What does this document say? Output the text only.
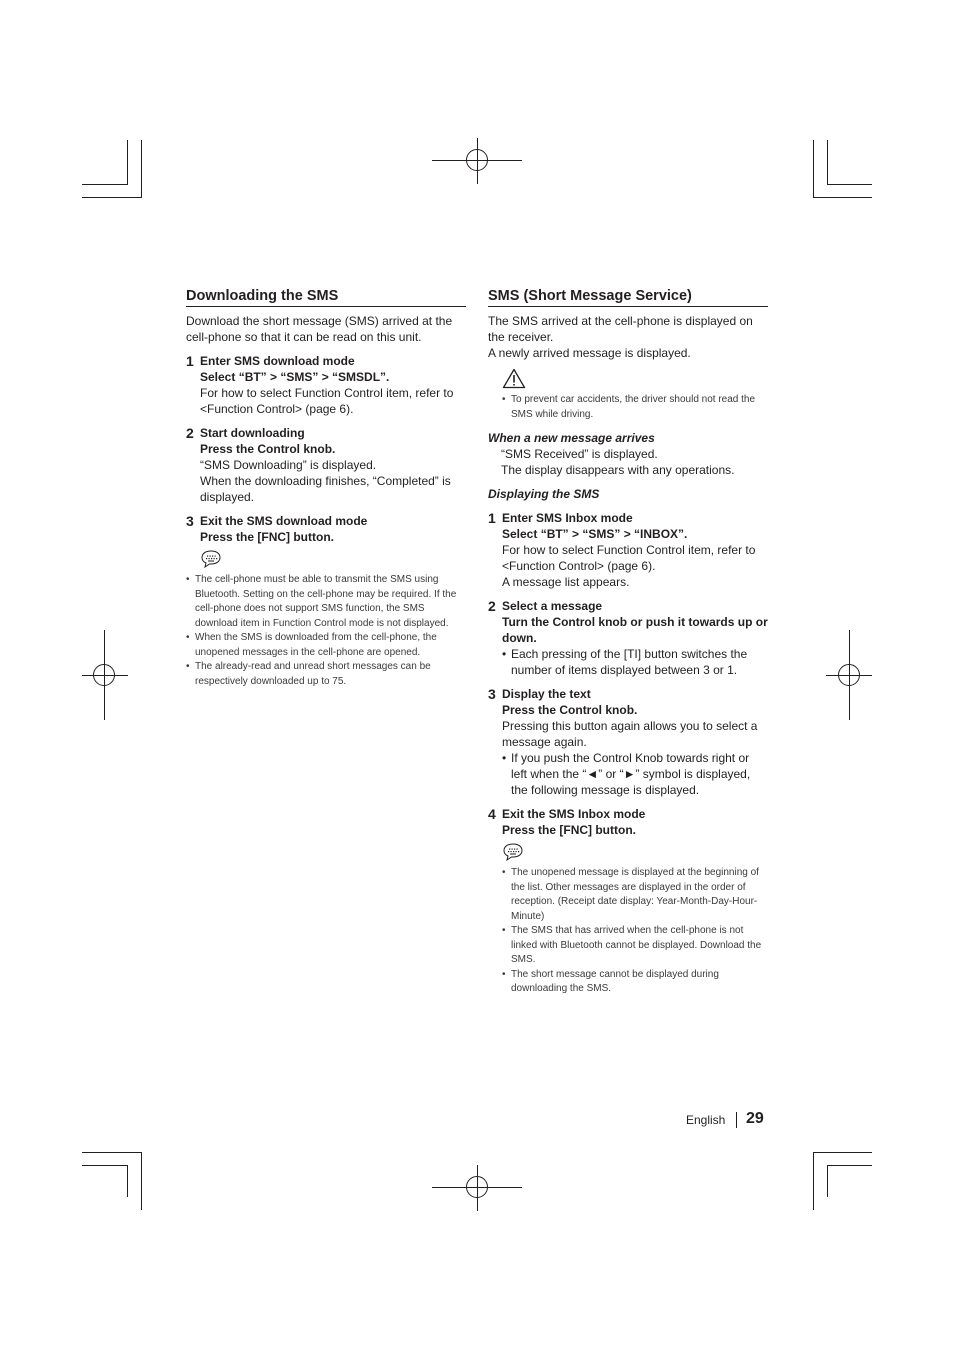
Downloading the SMS

Download the short message (SMS) arrived at the cell-phone so that it can be read on this unit.

1 Enter SMS download mode
Select “BT” > “SMS” > “SMSDL”.
For how to select Function Control item, refer to <Function Control> (page 6).
2 Start downloading
Press the Control knob.
“SMS Downloading” is displayed.
When the downloading finishes, “Completed” is displayed.
3 Exit the SMS download mode
Press the [FNC] button.
• The cell-phone must be able to transmit the SMS using Bluetooth. Setting on the cell-phone may be required. If the cell-phone does not support SMS function, the SMS download item in Function Control mode is not displayed.
• When the SMS is downloaded from the cell-phone, the unopened messages in the cell-phone are opened.
• The already-read and unread short messages can be respectively downloaded up to 75.
SMS (Short Message Service)

The SMS arrived at the cell-phone is displayed on the receiver.

A newly arrived message is displayed.

• To prevent car accidents, the driver should not read the SMS while driving.
When a new message arrives
“SMS Received” is displayed.
The display disappears with any operations.
Displaying the SMS
1 Enter SMS Inbox mode
Select “BT” > “SMS” > “INBOX”.
For how to select Function Control item, refer to <Function Control> (page 6).
A message list appears.
2 Select a message
Turn the Control knob or push it towards up or down.
• Each pressing of the [TI] button switches the number of items displayed between 3 or 1.
3 Display the text
Press the Control knob.
Pressing this button again allows you to select a message again.
• If you push the Control Knob towards right or left when the “◄” or “►” symbol is displayed, the following message is displayed.
4 Exit the SMS Inbox mode
Press the [FNC] button.
• The unopened message is displayed at the beginning of the list. Other messages are displayed in the order of reception. (Receipt date display: Year-Month-Day-Hour-Minute)
• The SMS that has arrived when the cell-phone is not linked with Bluetooth cannot be displayed. Download the SMS.
• The short message cannot be displayed during downloading the SMS.
English 29
